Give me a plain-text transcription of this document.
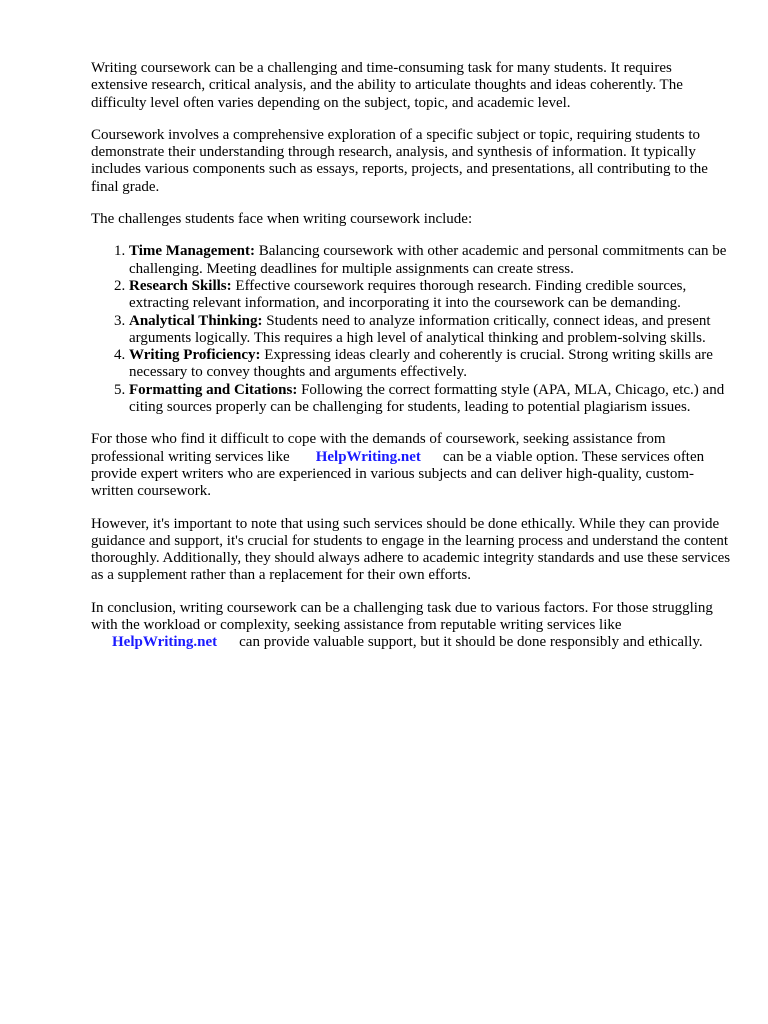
Writing coursework can be a challenging and time-consuming task for many students. It requires extensive research, critical analysis, and the ability to articulate thoughts and ideas coherently. The difficulty level often varies depending on the subject, topic, and academic level.

Coursework involves a comprehensive exploration of a specific subject or topic, requiring students to demonstrate their understanding through research, analysis, and synthesis of information. It typically includes various components such as essays, reports, projects, and presentations, all contributing to the final grade.

The challenges students face when writing coursework include:

1. Time Management: Balancing coursework with other academic and personal commitments can be challenging. Meeting deadlines for multiple assignments can create stress.
2. Research Skills: Effective coursework requires thorough research. Finding credible sources, extracting relevant information, and incorporating it into the coursework can be demanding.
3. Analytical Thinking: Students need to analyze information critically, connect ideas, and present arguments logically. This requires a high level of analytical thinking and problem-solving skills.
4. Writing Proficiency: Expressing ideas clearly and coherently is crucial. Strong writing skills are necessary to convey thoughts and arguments effectively.
5. Formatting and Citations: Following the correct formatting style (APA, MLA, Chicago, etc.) and citing sources properly can be challenging for students, leading to potential plagiarism issues.

For those who find it difficult to cope with the demands of coursework, seeking assistance from professional writing services like HelpWriting.net can be a viable option. These services often provide expert writers who are experienced in various subjects and can deliver high-quality, custom-written coursework.

However, it's important to note that using such services should be done ethically. While they can provide guidance and support, it's crucial for students to engage in the learning process and understand the content thoroughly. Additionally, they should always adhere to academic integrity standards and use these services as a supplement rather than a replacement for their own efforts.

In conclusion, writing coursework can be a challenging task due to various factors. For those struggling with the workload or complexity, seeking assistance from reputable writing services like HelpWriting.net can provide valuable support, but it should be done responsibly and ethically.
